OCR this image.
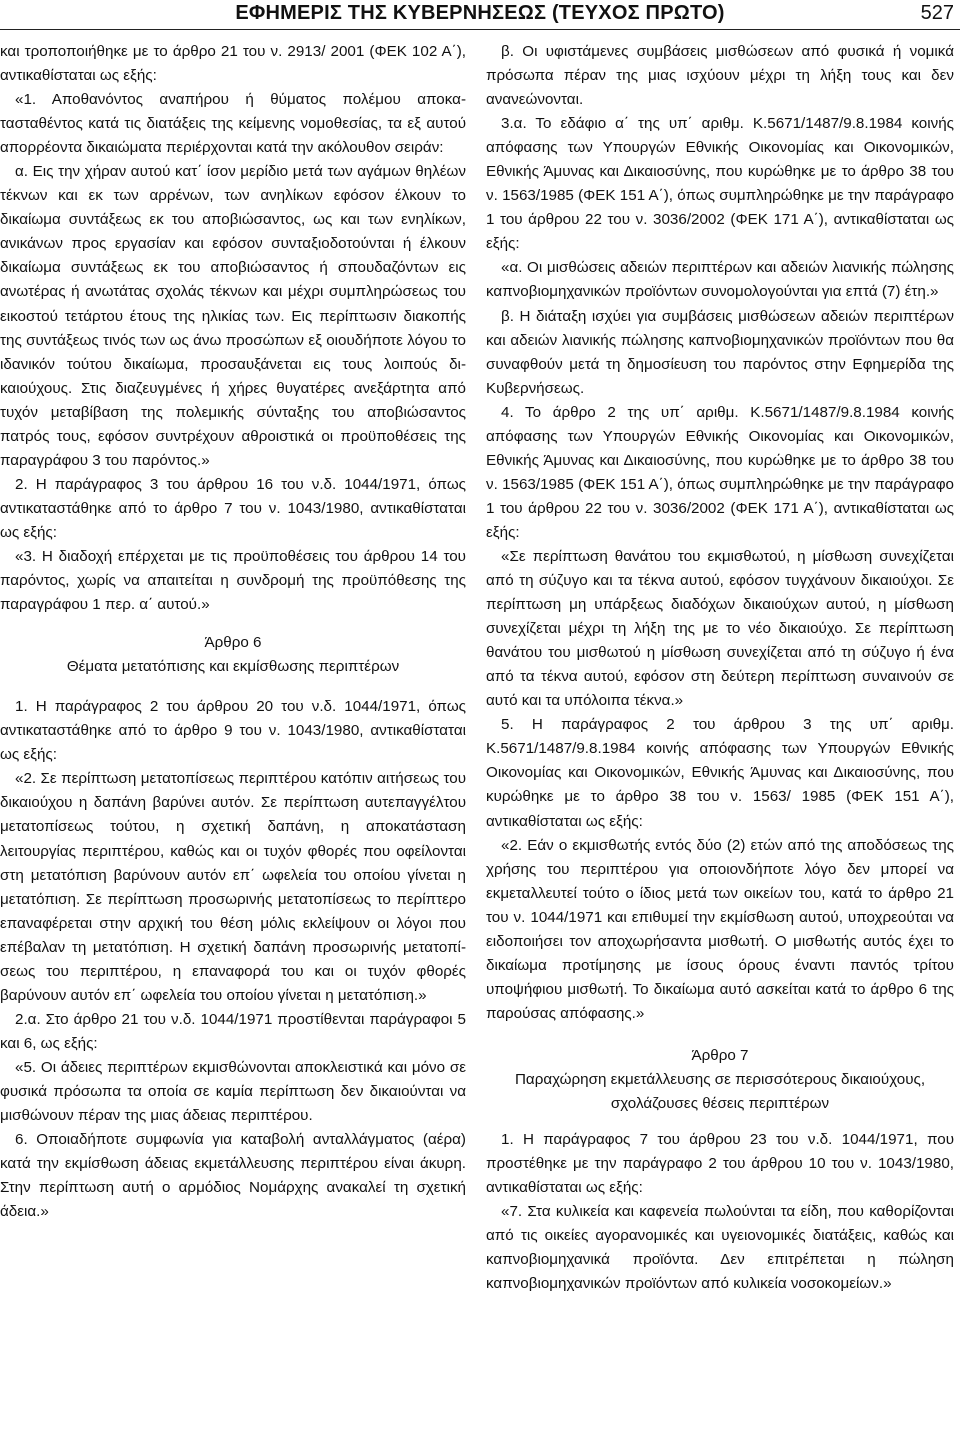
ΕΦΗΜΕΡΙΣ ΤΗΣ ΚΥΒΕΡΝΗΣΕΩΣ (ΤΕΥΧΟΣ ΠΡΩΤΟ)	527

και τροποποιήθηκε με το άρθρο 21 του ν. 2913/ 2001 (ΦΕΚ 102 Α΄), αντικαθίσταται ως εξής:

«1. Αποθανόντος αναπήρου ή θύματος πολέμου αποκατασταθέντος κατά τις διατάξεις της κείμενης νομοθεσίας, τα εξ αυτού απορρέοντα δικαιώματα περιέρχονται κατά την ακόλουθον σειράν:

α. Εις την χήραν αυτού κατ΄ ίσον μερίδιο μετά των αγάμων θηλέων τέκνων και εκ των αρρένων, των ανηλίκων εφόσον έλκουν το δικαίωμα συντάξεως εκ του αποβιώσαντος, ως και των ενηλίκων, ανικάνων προς εργασίαν και εφόσον συνταξιοδοτούνται ή έλκουν δικαίωμα συντάξεως εκ του αποβιώσαντος ή σπουδαζόντων εις ανωτέρας ή ανωτάτας σχολάς τέκνων και μέχρι συμπληρώσεως του εικοστού τετάρτου έτους της ηλικίας των. Εις περίπτωσιν διακοπής της συντάξεως τινός των ως άνω προσώπων εξ οιουδήποτε λόγου το ιδανικόν τούτου δικαίωμα, προσαυξάνεται εις τους λοιπούς δικαιούχους. Στις διαζευγμένες ή χήρες θυγατέρες ανεξάρτητα από τυχόν μεταβίβαση της πολεμικής σύνταξης του αποβιώσαντος πατρός τους, εφόσον συντρέχουν αθροιστικά οι προϋποθέσεις της παραγράφου 3 του παρόντος.»

2. Η παράγραφος 3 του άρθρου 16 του ν.δ. 1044/1971, όπως αντικαταστάθηκε από το άρθρο 7 του ν. 1043/1980, αντικαθίσταται ως εξής:

«3. Η διαδοχή επέρχεται με τις προϋποθέσεις του άρθρου 14 του παρόντος, χωρίς να απαιτείται η συνδρομή της προϋπόθεσης της παραγράφου 1 περ. α΄ αυτού.»

Άρθρο 6

Θέματα μετατόπισης και εκμίσθωσης περιπτέρων

1. Η παράγραφος 2 του άρθρου 20 του ν.δ. 1044/1971, όπως αντικαταστάθηκε από το άρθρο 9 του ν. 1043/1980, αντικαθίσταται ως εξής:

«2. Σε περίπτωση μετατοπίσεως περιπτέρου κατόπιν αιτήσεως του δικαιούχου η δαπάνη βαρύνει αυτόν. Σε περίπτωση αυτεπαγγέλτου μετατοπίσεως τούτου, η σχετική δαπάνη, η αποκατάσταση λειτουργίας περιπτέρου, καθώς και οι τυχόν φθορές που οφείλονται στη μετατόπιση βαρύνουν αυτόν επ΄ ωφελεία του οποίου γίνεται η μετατόπιση. Σε περίπτωση προσωρινής μετατοπίσεως το περίπτερο επαναφέρεται στην αρχική του θέση μόλις εκλείψουν οι λόγοι που επέβαλαν τη μετατόπιση. Η σχετική δαπάνη προσωρινής μετατοπίσεως του περιπτέρου, η επαναφορά του και οι τυχόν φθορές βαρύνουν αυτόν επ΄ ωφελεία του οποίου γίνεται η μετατόπιση.»

2.α. Στο άρθρο 21 του ν.δ. 1044/1971 προστίθενται παράγραφοι 5 και 6, ως εξής:

«5. Οι άδειες περιπτέρων εκμισθώνονται αποκλειστικά και μόνο σε φυσικά πρόσωπα τα οποία σε καμία περίπτωση δεν δικαιούνται να μισθώνουν πέραν της μιας άδειας περιπτέρου.

6. Οποιαδήποτε συμφωνία για καταβολή ανταλλάγματος (αέρα) κατά την εκμίσθωση άδειας εκμετάλλευσης περιπτέρου είναι άκυρη. Στην περίπτωση αυτή ο αρμόδιος Νομάρχης ανακαλεί τη σχετική άδεια.»

β. Οι υφιστάμενες συμβάσεις μισθώσεων από φυσικά ή νομικά πρόσωπα πέραν της μιας ισχύουν μέχρι τη λήξη τους και δεν ανανεώνονται.

3.α. Το εδάφιο α΄ της υπ΄ αριθμ. Κ.5671/1487/9.8.1984 κοινής απόφασης των Υπουργών Εθνικής Οικονομίας και Οικονομικών, Εθνικής Άμυνας και Δικαιοσύνης, που κυρώθηκε με το άρθρο 38 του ν. 1563/1985 (ΦΕΚ 151 Α΄), όπως συμπληρώθηκε με την παράγραφο 1 του άρθρου 22 του ν. 3036/2002 (ΦΕΚ 171 Α΄), αντικαθίσταται ως εξής:

«α. Οι μισθώσεις αδειών περιπτέρων και αδειών λιανικής πώλησης καπνοβιομηχανικών προϊόντων συνομολογούνται για επτά (7) έτη.»

β. Η διάταξη ισχύει για συμβάσεις μισθώσεων αδειών περιπτέρων και αδειών λιανικής πώλησης καπνοβιομηχανικών προϊόντων που θα συναφθούν μετά τη δημοσίευση του παρόντος στην Εφημερίδα της Κυβερνήσεως.

4. Το άρθρο 2 της υπ΄ αριθμ. Κ.5671/1487/9.8.1984 κοινής απόφασης των Υπουργών Εθνικής Οικονομίας και Οικονομικών, Εθνικής Άμυνας και Δικαιοσύνης, που κυρώθηκε με το άρθρο 38 του ν. 1563/1985 (ΦΕΚ 151 Α΄), όπως συμπληρώθηκε με την παράγραφο 1 του άρθρου 22 του ν. 3036/2002 (ΦΕΚ 171 Α΄), αντικαθίσταται ως εξής:

«Σε περίπτωση θανάτου του εκμισθωτού, η μίσθωση συνεχίζεται από τη σύζυγο και τα τέκνα αυτού, εφόσον τυγχάνουν δικαιούχοι. Σε περίπτωση μη υπάρξεως διαδόχων δικαιούχων αυτού, η μίσθωση συνεχίζεται μέχρι τη λήξη της με το νέο δικαιούχο. Σε περίπτωση θανάτου του μισθωτού η μίσθωση συνεχίζεται από τη σύζυγο ή ένα από τα τέκνα αυτού, εφόσον στη δεύτερη περίπτωση συναινούν σε αυτό και τα υπόλοιπα τέκνα.»

5. Η παράγραφος 2 του άρθρου 3 της υπ΄ αριθμ. Κ.5671/1487/9.8.1984 κοινής απόφασης των Υπουργών Εθνικής Οικονομίας και Οικονομικών, Εθνικής Άμυνας και Δικαιοσύνης, που κυρώθηκε με το άρθρο 38 του ν. 1563/ 1985 (ΦΕΚ 151 Α΄), αντικαθίσταται ως εξής:

«2. Εάν ο εκμισθωτής εντός δύο (2) ετών από της αποδόσεως της χρήσης του περιπτέρου για οποιονδήποτε λόγο δεν μπορεί να εκμεταλλευτεί τούτο ο ίδιος μετά των οικείων του, κατά το άρθρο 21 του ν. 1044/1971 και επιθυμεί την εκμίσθωση αυτού, υποχρεούται να ειδοποιήσει τον αποχωρήσαντα μισθωτή. Ο μισθωτής αυτός έχει το δικαίωμα προτίμησης με ίσους όρους έναντι παντός τρίτου υποψήφιου μισθωτή. Το δικαίωμα αυτό ασκείται κατά το άρθρο 6 της παρούσας απόφασης.»

Άρθρο 7

Παραχώρηση εκμετάλλευσης σε περισσότερους δικαιούχους, σχολάζουσες θέσεις περιπτέρων

1. Η παράγραφος 7 του άρθρου 23 του ν.δ. 1044/1971, που προστέθηκε με την παράγραφο 2 του άρθρου 10 του ν. 1043/1980, αντικαθίσταται ως εξής:

«7. Στα κυλικεία και καφενεία πωλούνται τα είδη, που καθορίζονται από τις οικείες αγορανομικές και υγειονομικές διατάξεις, καθώς και καπνοβιομηχανικά προϊόντα. Δεν επιτρέπεται η πώληση καπνοβιομηχανικών προϊόντων από κυλικεία νοσοκομείων.»
